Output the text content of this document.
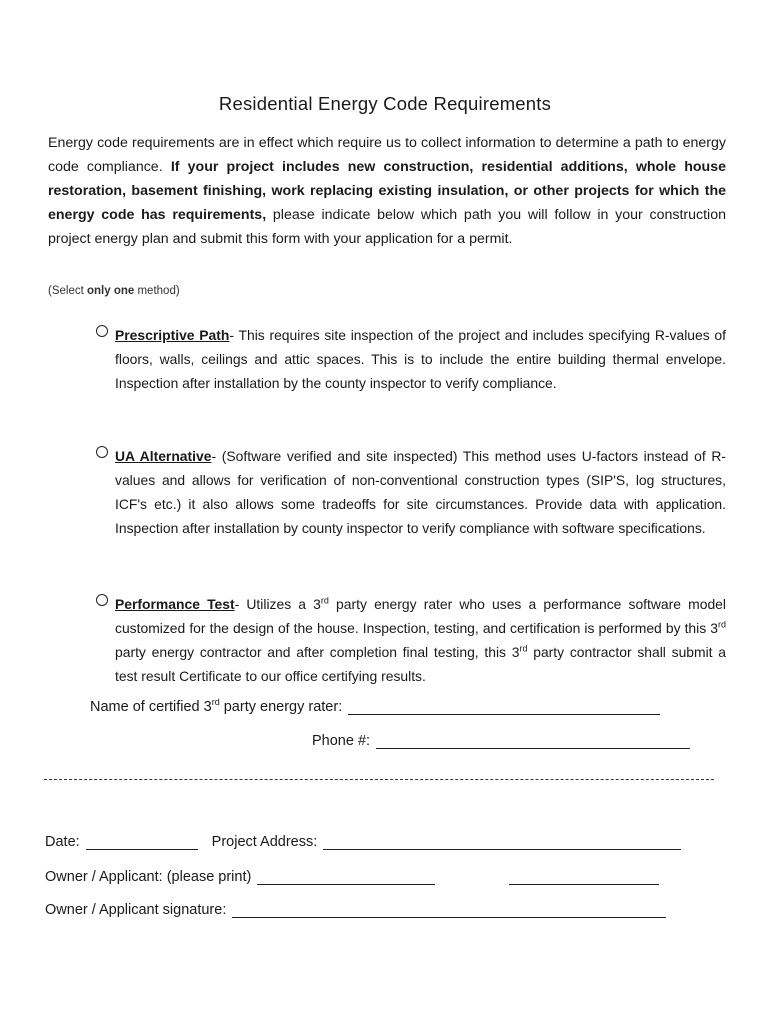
Residential Energy Code Requirements
Energy code requirements are in effect which require us to collect information to determine a path to energy code compliance. If your project includes new construction, residential additions, whole house restoration, basement finishing, work replacing existing insulation, or other projects for which the energy code has requirements, please indicate below which path you will follow in your construction project energy plan and submit this form with your application for a permit.
(Select only one method)
Prescriptive Path- This requires site inspection of the project and includes specifying R-values of floors, walls, ceilings and attic spaces. This is to include the entire building thermal envelope. Inspection after installation by the county inspector to verify compliance.
UA Alternative- (Software verified and site inspected) This method uses U-factors instead of R-values and allows for verification of non-conventional construction types (SIP'S, log structures, ICF's etc.) it also allows some tradeoffs for site circumstances. Provide data with application. Inspection after installation by county inspector to verify compliance with software specifications.
Performance Test- Utilizes a 3rd party energy rater who uses a performance software model customized for the design of the house. Inspection, testing, and certification is performed by this 3rd party energy contractor and after completion final testing, this 3rd party contractor shall submit a test result Certificate to our office certifying results.
Name of certified 3rd party energy rater:
Phone #:
Date:	Project Address:
Owner / Applicant: (please print)
Owner / Applicant signature:
